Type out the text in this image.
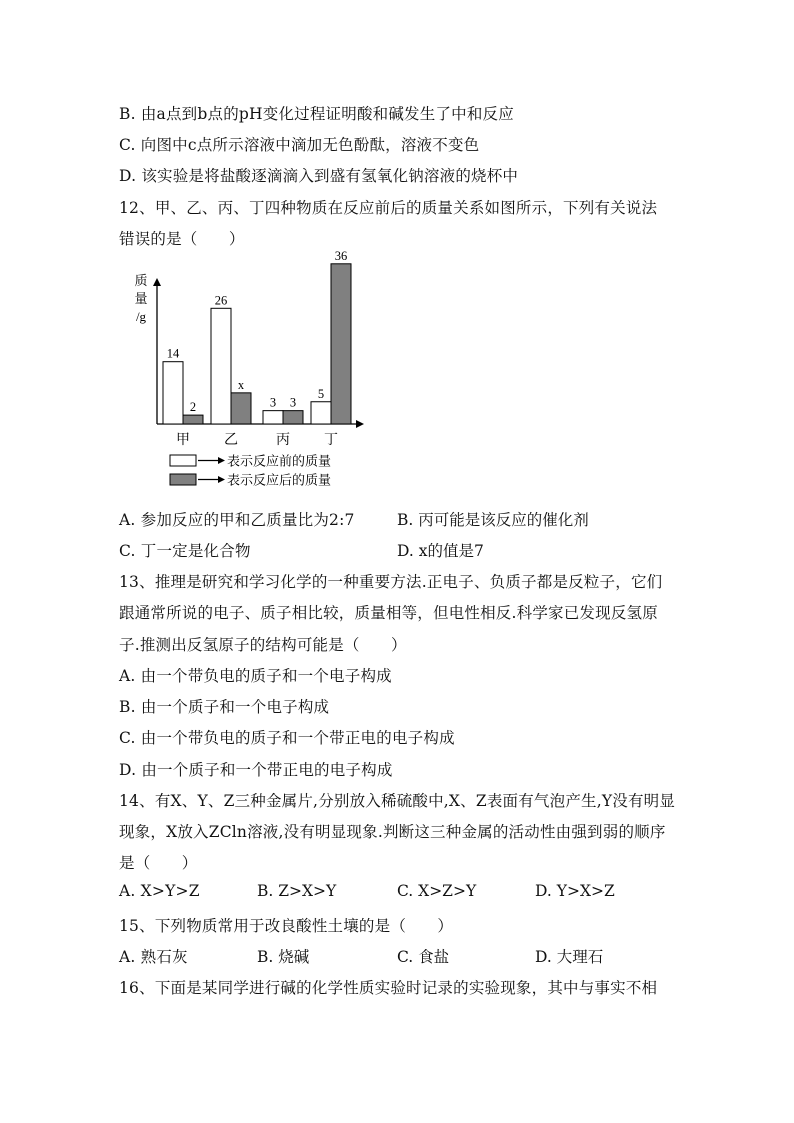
B. 由a点到b点的pH变化过程证明酸和碱发生了中和反应
C. 向图中c点所示溶液中滴加无色酚酞，溶液不变色
D. 该实验是将盐酸逐滴滴入到盛有氢氧化钠溶液的烧杯中
12、甲、乙、丙、丁四种物质在反应前后的质量关系如图所示，下列有关说法
错误的是（　　）
质
量
/g
14
2
甲
26
x
乙
3 3
丙
5
36
丁
表示反应前的质量
表示反应后的质量
A. 参加反应的甲和乙质量比为2:7	B. 丙可能是该反应的催化剂
C. 丁一定是化合物	D. x的值是7
13、推理是研究和学习化学的一种重要方法.正电子、负质子都是反粒子，它们
跟通常所说的电子、质子相比较，质量相等，但电性相反.科学家已发现反氢原
子.推测出反氢原子的结构可能是（　　）
A. 由一个带负电的质子和一个电子构成
B. 由一个质子和一个电子构成
C. 由一个带负电的质子和一个带正电的电子构成
D. 由一个质子和一个带正电的电子构成
14、有X、Y、Z三种金属片,分别放入稀硫酸中,X、Z表面有气泡产生,Y没有明显
现象，X放入ZCln溶液,没有明显现象.判断这三种金属的活动性由强到弱的顺序
是（　　）
A. X>Y>Z	B. Z>X>Y	C. X>Z>Y	D. Y>X>Z
15、下列物质常用于改良酸性土壤的是（　　）
A. 熟石灰	B. 烧碱	C. 食盐	D. 大理石
16、下面是某同学进行碱的化学性质实验时记录的实验现象，其中与事实不相
